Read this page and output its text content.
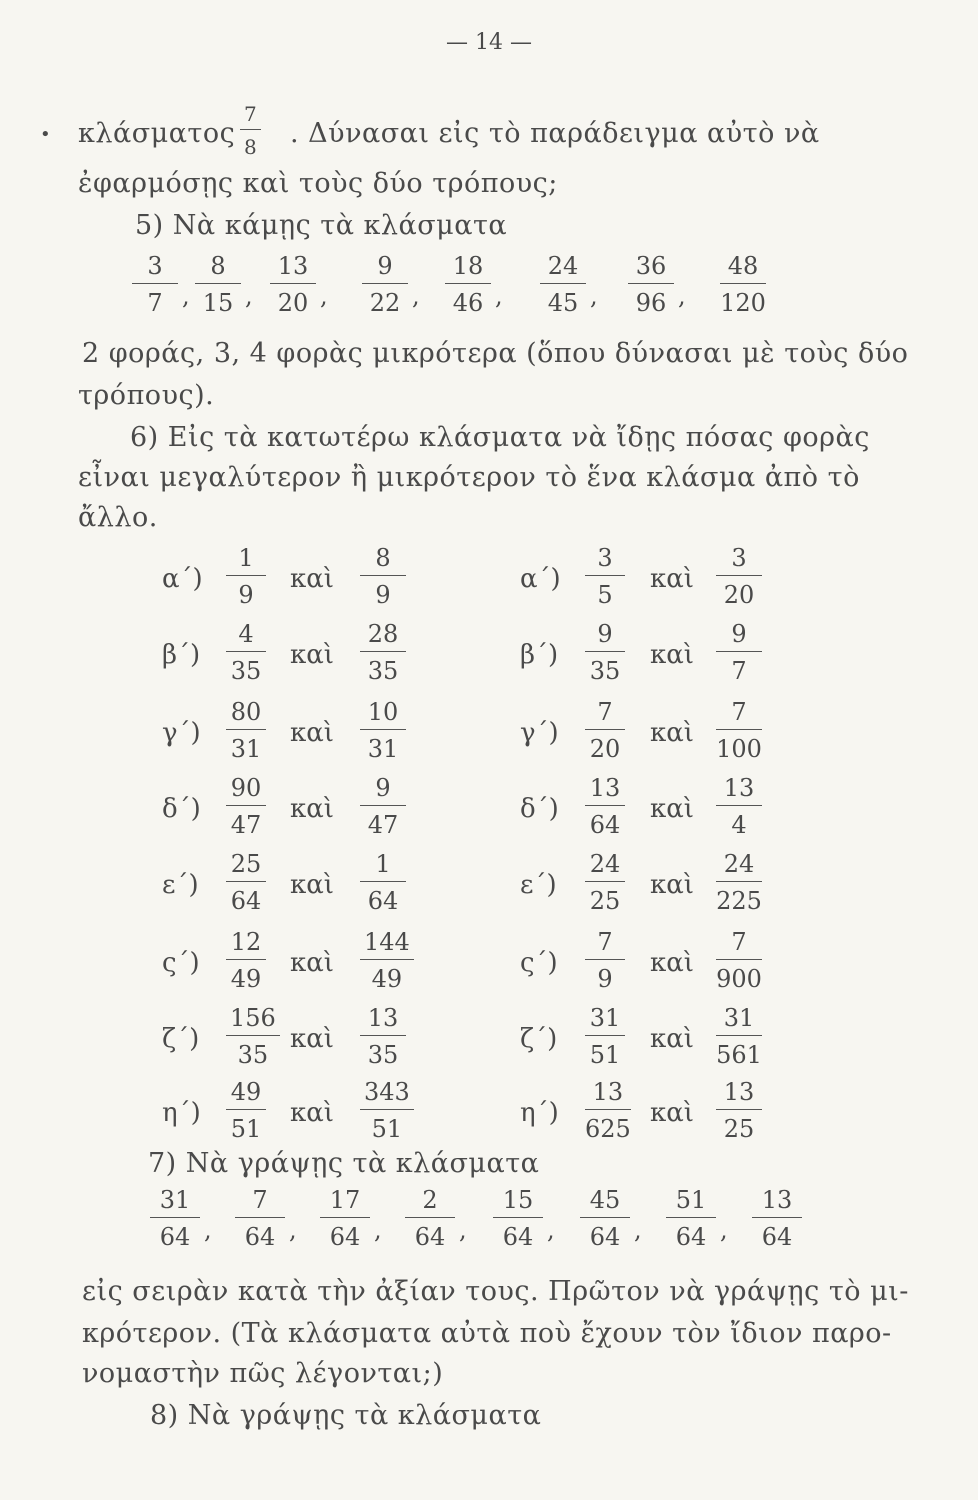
— 14 —
• κλάσματος $\frac{7}{8}$ . Δύνασαι εἰς τὸ παράδειγμα αὐτὸ νὰ
ἐφαρμόσῃς καὶ τοὺς δύο τρόπους;
5) Νὰ κάμῃς τὰ κλάσματα
$\frac{3}{7}$ , $\frac{8}{15}$ , $\frac{13}{20}$ , $\frac{9}{22}$ , $\frac{18}{46}$ , $\frac{24}{45}$ , $\frac{36}{96}$ , $\frac{48}{120}$
2 φοράς, 3, 4 φορὰς μικρότερα (ὅπου δύνασαι μὲ τοὺς δύο
τρόπους).
6) Εἰς τὰ κατωτέρω κλάσματα νὰ ἴδῃς πόσας φορὰς
εἶναι μεγαλύτερον ἢ μικρότερον τὸ ἕνα κλάσμα ἀπὸ τὸ
ἄλλο.
$\alpha΄) \frac{1}{9}$ καὶ $\frac{8}{9}$
$\beta΄) \frac{4}{35}$ καὶ $\frac{28}{35}$
$\gamma΄) \frac{80}{31}$ καὶ $\frac{10}{31}$
$\delta΄) \frac{90}{47}$ καὶ $\frac{9}{47}$
$\varepsilon΄) \frac{25}{64}$ καὶ $\frac{1}{64}$
$\varsigma΄) \frac{12}{49}$ καὶ $\frac{144}{49}$
$\zeta΄) \frac{156}{35}$ καὶ $\frac{13}{35}$
$\eta΄) \frac{49}{51}$ καὶ $\frac{343}{51}$
$\alpha΄) \frac{3}{5}$ καὶ $\frac{3}{20}$
$\beta΄) \frac{9}{35}$ καὶ $\frac{9}{7}$
$\gamma΄) \frac{7}{20}$ καὶ $\frac{7}{100}$
$\delta΄) \frac{13}{64}$ καὶ $\frac{13}{4}$
$\varepsilon΄) \frac{24}{25}$ καὶ $\frac{24}{225}$
$\varsigma΄) \frac{7}{9}$ καὶ $\frac{7}{900}$
$\zeta΄) \frac{31}{51}$ καὶ $\frac{31}{561}$
$\eta΄) \frac{13}{625}$ καὶ $\frac{13}{25}$
7) Νὰ γράψῃς τὰ κλάσματα
$\frac{31}{64}$ , $\frac{7}{64}$ , $\frac{17}{64}$ , $\frac{2}{64}$ , $\frac{15}{64}$ , $\frac{45}{64}$ , $\frac{51}{64}$ , $\frac{13}{64}$
εἰς σειρὰν κατὰ τὴν ἀξίαν τους. Πρῶτον νὰ γράψῃς τὸ μι-
κρότερον. (Τὰ κλάσματα αὐτὰ ποὺ ἔχουν τὸν ἴδιον παρο-
νομαστὴν πῶς λέγονται;)
8) Νὰ γράψῃς τὰ κλάσματα
